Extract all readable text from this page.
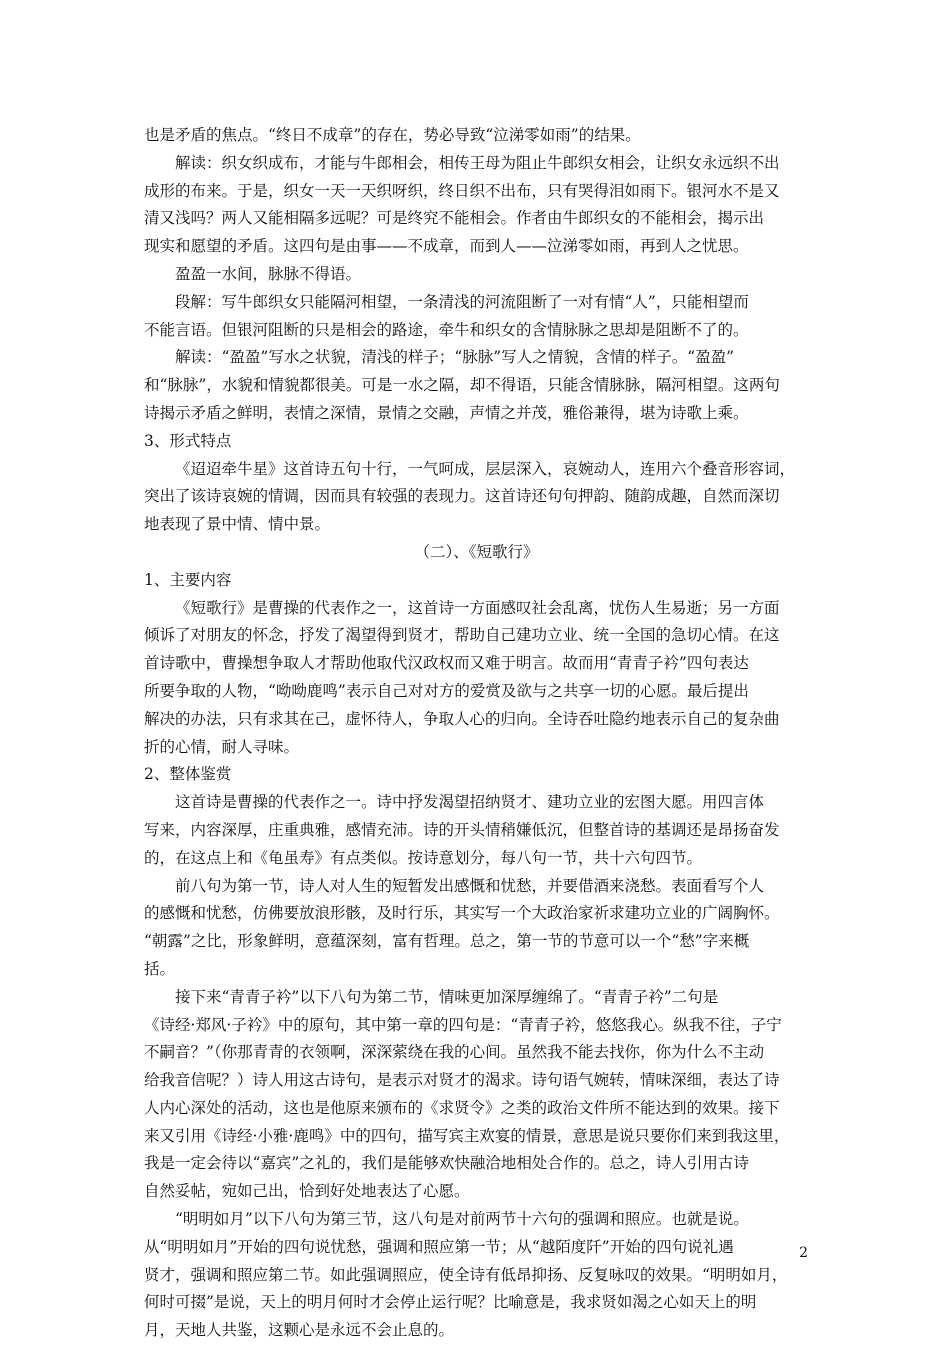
也是矛盾的焦点。“终日不成章”的存在，势必导致“泣涕零如雨”的结果。
解读：织女织成布，才能与牛郎相会，相传王母为阻止牛郎织女相会，让织女永远织不出
成形的布来。于是，织女一天一天织呀织，终日织不出布，只有哭得泪如雨下。银河水不是又
清又浅吗？两人又能相隔多远呢？可是终究不能相会。作者由牛郎织女的不能相会，揭示出
现实和愿望的矛盾。这四句是由事——不成章，而到人——泣涕零如雨，再到人之忧思。
盈盈一水间，脉脉不得语。
段解：写牛郎织女只能隔河相望，一条清浅的河流阻断了一对有情“人”，只能相望而
不能言语。但银河阻断的只是相会的路途，牵牛和织女的含情脉脉之思却是阻断不了的。
解读：“盈盈”写水之状貌，清浅的样子；“脉脉”写人之情貌，含情的样子。“盈盈”
和“脉脉”，水貌和情貌都很美。可是一水之隔，却不得语，只能含情脉脉，隔河相望。这两句
诗揭示矛盾之鲜明，表情之深情，景情之交融，声情之并茂，雅俗兼得，堪为诗歌上乘。
3、形式特点
《迢迢牵牛星》这首诗五句十行，一气呵成，层层深入，哀婉动人，连用六个叠音形容词，
突出了该诗哀婉的情调，因而具有较强的表现力。这首诗还句句押韵、随韵成趣，自然而深切
地表现了景中情、情中景。
（二）、《短歌行》
1、主要内容
《短歌行》是曹操的代表作之一，这首诗一方面感叹社会乱离，忧伤人生易逝；另一方面
倾诉了对朋友的怀念，抒发了渴望得到贤才，帮助自己建功立业、统一全国的急切心情。在这
首诗歌中，曹操想争取人才帮助他取代汉政权而又难于明言。故而用“青青子衿”四句表达
所要争取的人物，“呦呦鹿鸣”表示自己对对方的爱赏及欲与之共享一切的心愿。最后提出
解决的办法，只有求其在己，虚怀待人，争取人心的归向。全诗吞吐隐约地表示自己的复杂曲
折的心情，耐人寻味。
2、整体鉴赏
这首诗是曹操的代表作之一。诗中抒发渴望招纳贤才、建功立业的宏图大愿。用四言体
写来，内容深厚，庄重典雅，感情充沛。诗的开头情稍嫌低沉，但整首诗的基调还是昂扬奋发
的，在这点上和《龟虽寿》有点类似。按诗意划分，每八句一节，共十六句四节。
前八句为第一节，诗人对人生的短暂发出感慨和忧愁，并要借酒来浇愁。表面看写个人
的感慨和忧愁，仿佛要放浪形骸，及时行乐，其实写一个大政治家祈求建功立业的广阔胸怀。
“朝露”之比，形象鲜明，意蕴深刻，富有哲理。总之，第一节的节意可以一个“愁”字来概
括。
接下来“青青子衿”以下八句为第二节，情味更加深厚缠绵了。“青青子衿”二句是
《诗经·郑风·子衿》中的原句，其中第一章的四句是：“青青子衿，悠悠我心。纵我不往，子宁
不嗣音？”（你那青青的衣领啊，深深萦绕在我的心间。虽然我不能去找你，你为什么不主动
给我音信呢？）诗人用这古诗句，是表示对贤才的渴求。诗句语气婉转，情味深细，表达了诗
人内心深处的活动，这也是他原来颁布的《求贤令》之类的政治文件所不能达到的效果。接下
来又引用《诗经·小雅·鹿鸣》中的四句，描写宾主欢宴的情景，意思是说只要你们来到我这里，
我是一定会待以“嘉宾”之礼的，我们是能够欢快融洽地相处合作的。总之，诗人引用古诗
自然妥帖，宛如己出，恰到好处地表达了心愿。
“明明如月”以下八句为第三节，这八句是对前两节十六句的强调和照应。也就是说。
从“明明如月”开始的四句说忧愁，强调和照应第一节；从“越陌度阡”开始的四句说礼遇
贤才，强调和照应第二节。如此强调照应，使全诗有低昂抑扬、反复咏叹的效果。“明明如月，
何时可掇”是说，天上的明月何时才会停止运行呢？比喻意是，我求贤如渴之心如天上的明
月，天地人共鉴，这颗心是永远不会止息的。
2
